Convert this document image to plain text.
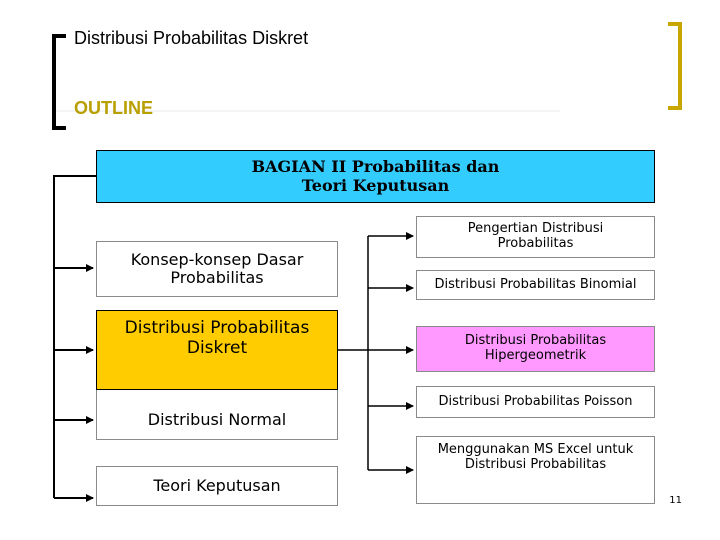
Distribusi Probabilitas Diskret
OUTLINE
BAGIAN II Probabilitas dan
Teori Keputusan
Konsep-konsep Dasar
Probabilitas
Distribusi Probabilitas
Diskret
Distribusi Normal
Teori Keputusan
Pengertian Distribusi
Probabilitas
Distribusi Probabilitas Binomial
Distribusi Probabilitas
Hipergeometrik
Distribusi Probabilitas Poisson
Menggunakan MS Excel untuk
Distribusi Probabilitas
11
